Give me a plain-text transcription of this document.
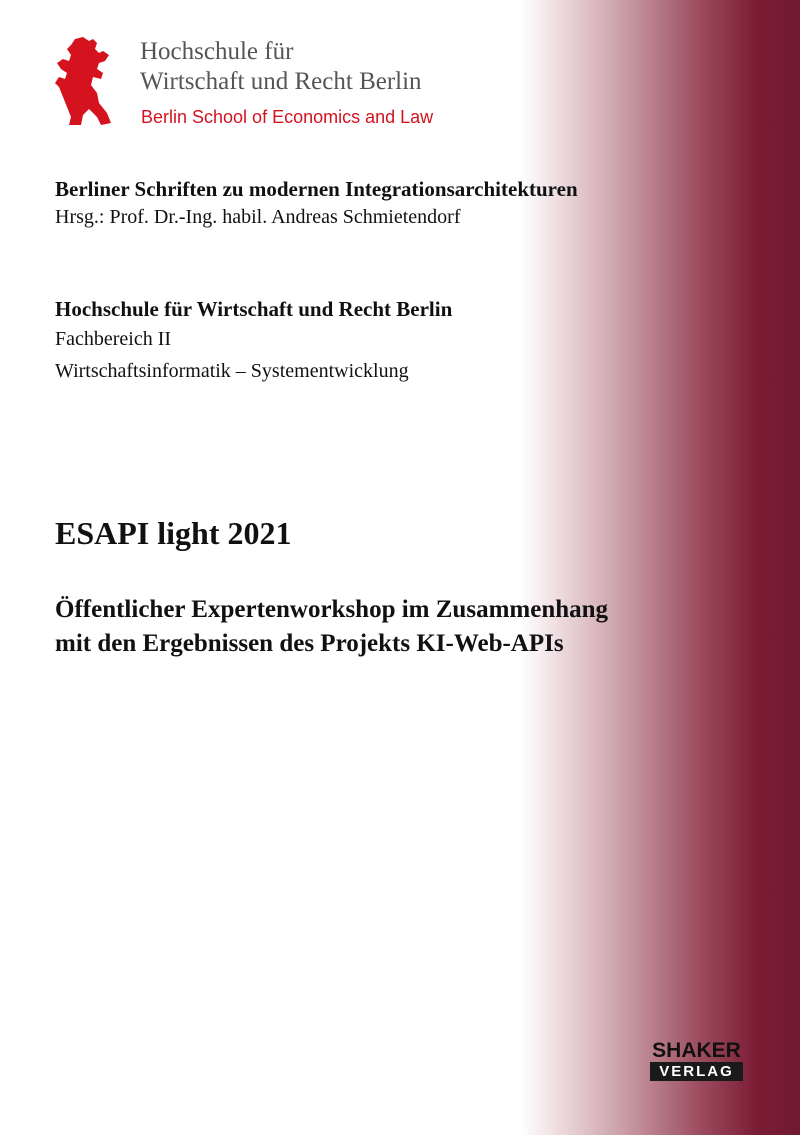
Hochschule für
Wirtschaft und Recht Berlin
Berlin School of Economics and Law
Berliner Schriften zu modernen Integrationsarchitekturen
Hrsg.: Prof. Dr.-Ing. habil. Andreas Schmietendorf
Hochschule für Wirtschaft und Recht Berlin
Fachbereich II
Wirtschaftsinformatik – Systementwicklung
ESAPI light 2021
Öffentlicher Expertenworkshop im Zusammenhang
mit den Ergebnissen des Projekts KI-Web-APIs
SHAKER
VERLAG
